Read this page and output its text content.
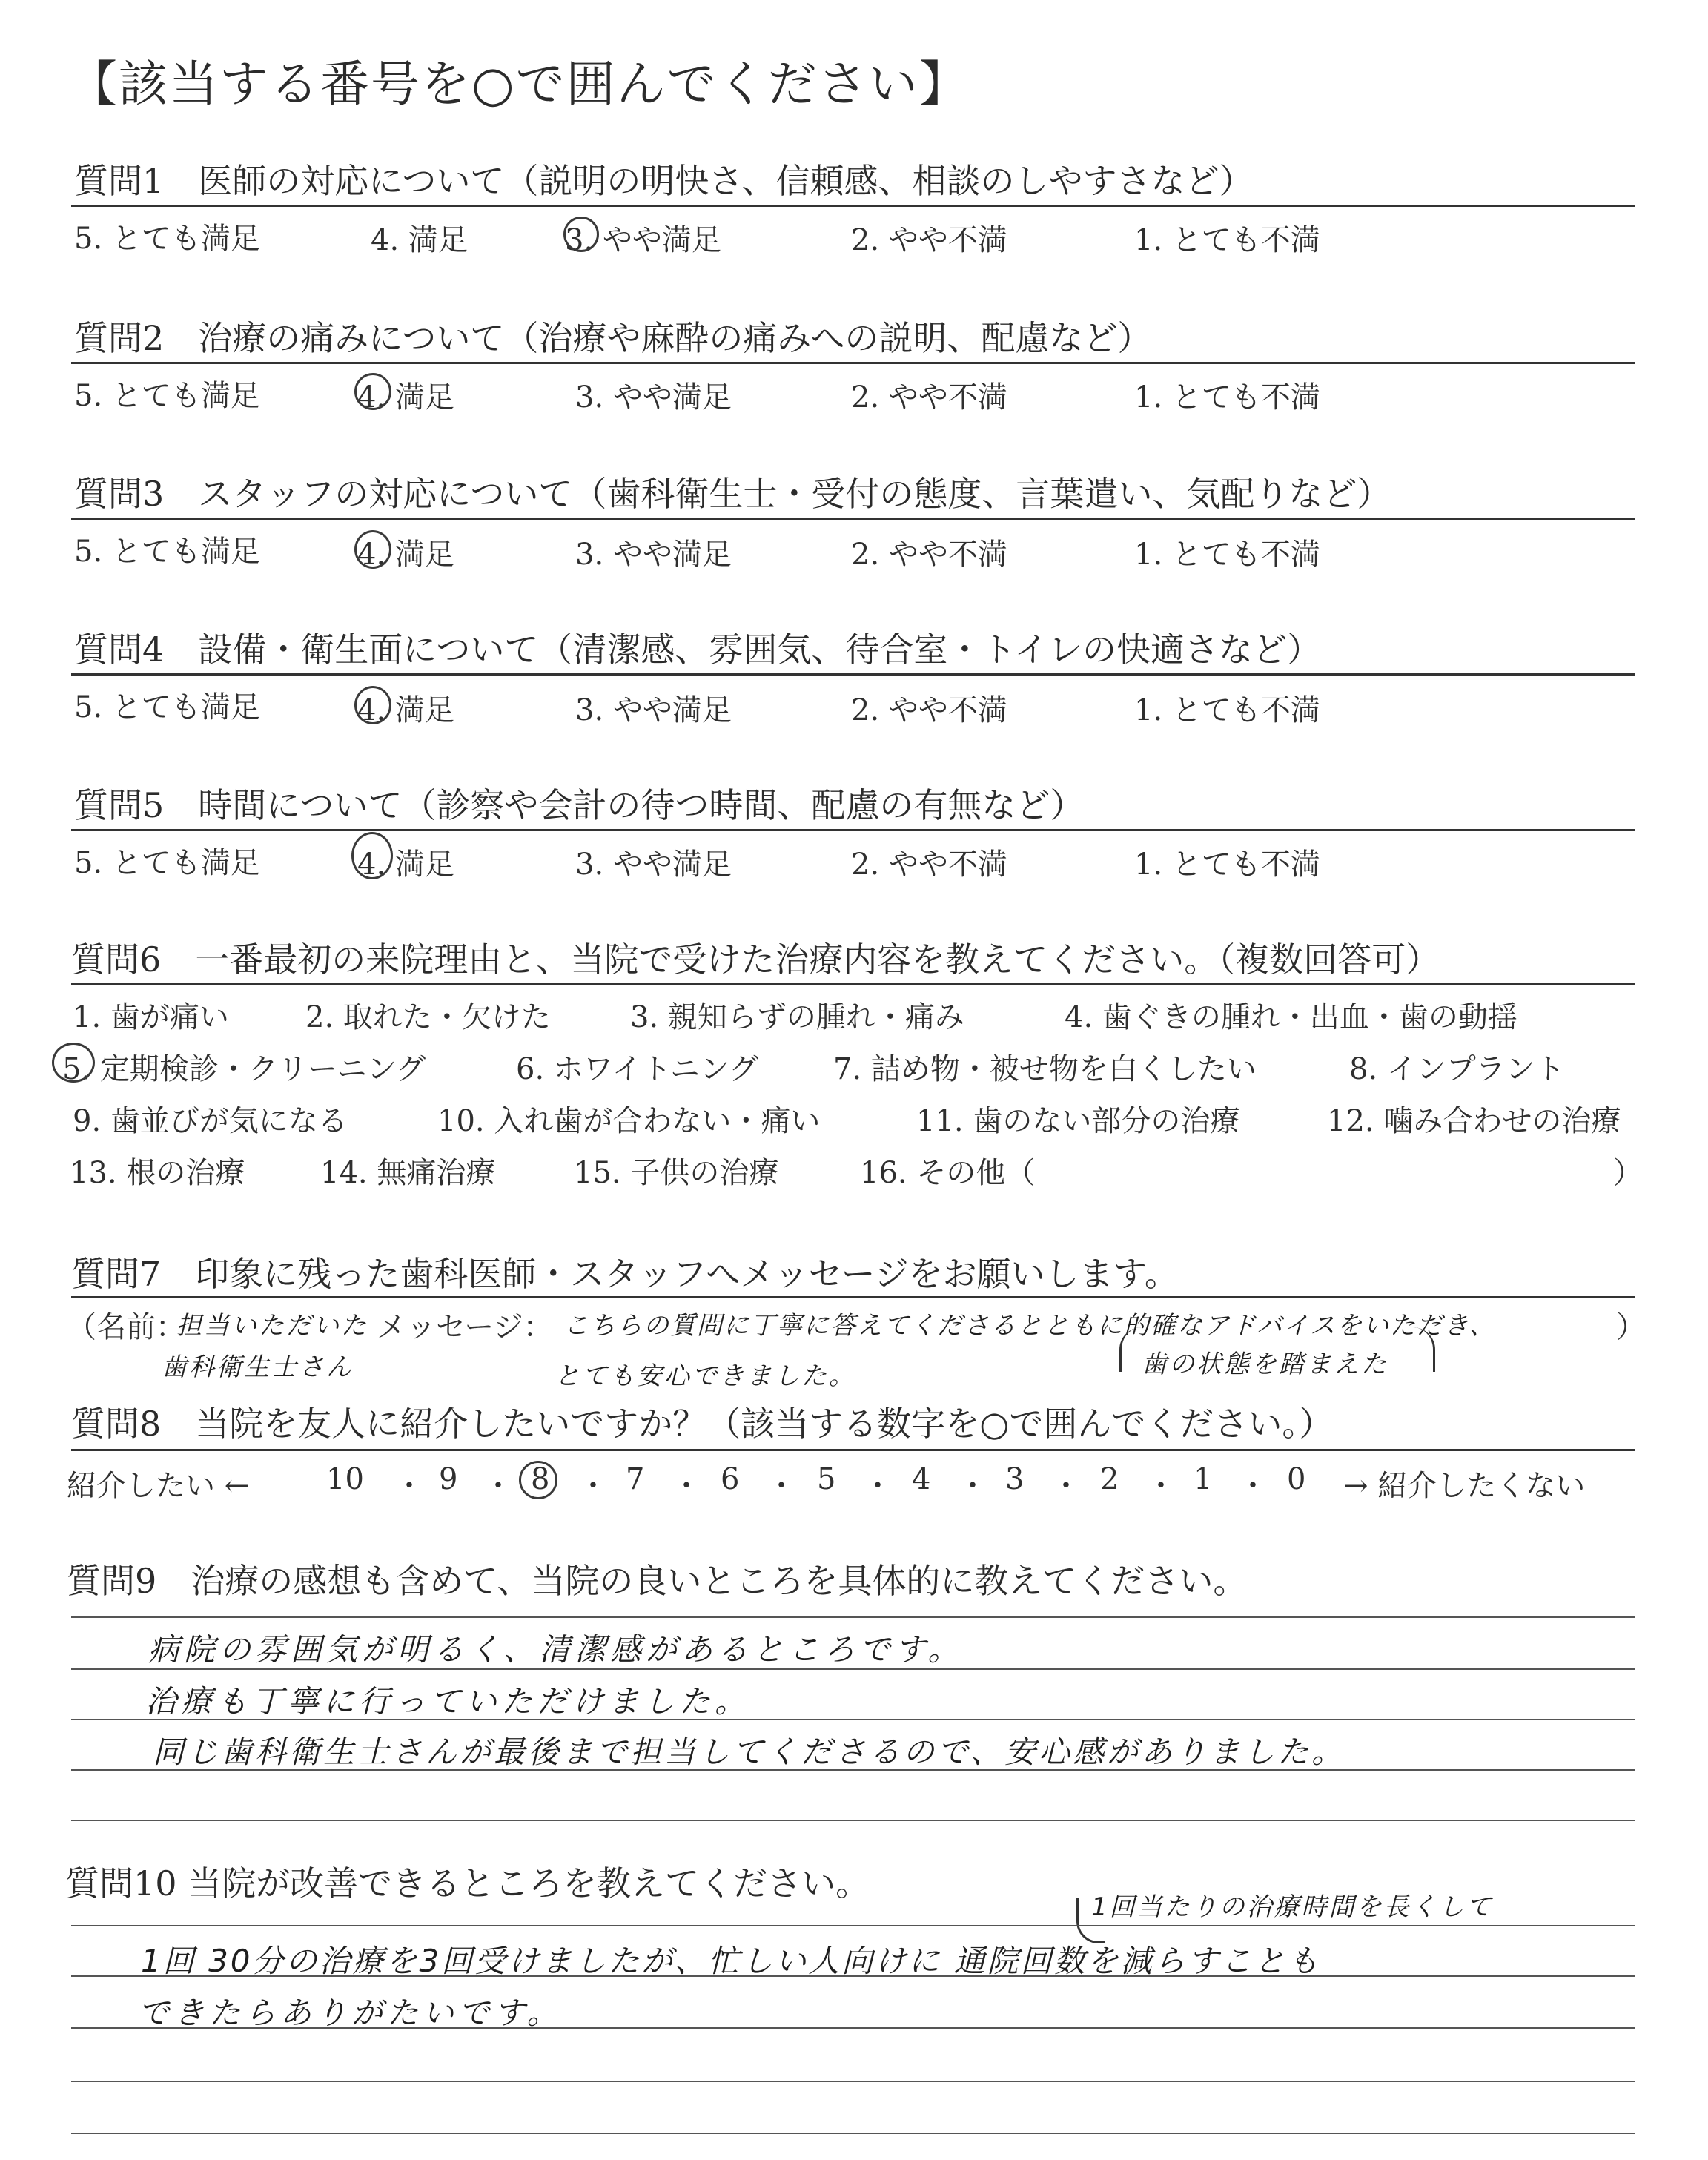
【該当する番号を○で囲んでください】
質問1　医師の対応について（説明の明快さ、信頼感、相談のしやすさなど）
5. とても満足	4. 満足	3. やや満足	2. やや不満	1. とても不満
質問2　治療の痛みについて（治療や麻酔の痛みへの説明、配慮など）
5. とても満足	4. 満足	3. やや満足	2. やや不満	1. とても不満
質問3　スタッフの対応について（歯科衛生士・受付の態度、言葉遣い、気配りなど）
5. とても満足	4. 満足	3. やや満足	2. やや不満	1. とても不満
質問4　設備・衛生面について（清潔感、雰囲気、待合室・トイレの快適さなど）
5. とても満足	4. 満足	3. やや満足	2. やや不満	1. とても不満
質問5　時間について（診察や会計の待つ時間、配慮の有無など）
5. とても満足	4. 満足	3. やや満足	2. やや不満	1. とても不満
質問6　一番最初の来院理由と、当院で受けた治療内容を教えてください。（複数回答可）
1. 歯が痛い	2. 取れた・欠けた	3. 親知らずの腫れ・痛み	4. 歯ぐきの腫れ・出血・歯の動揺
5. 定期検診・クリーニング	6. ホワイトニング	7. 詰め物・被せ物を白くしたい	8. インプラント
9. 歯並びが気になる	10. 入れ歯が合わない・痛い	11. 歯のない部分の治療	12. 噛み合わせの治療
13. 根の治療	14. 無痛治療	15. 子供の治療	16. その他（	）
質問7　印象に残った歯科医師・スタッフへメッセージをお願いします。
（名前：
担当いただいた メッセージ： こちらの質問に丁寧に答えてくださるとともに的確なアドバイスをいただき、	）
歯科衛生士さん	とても安心できました。	歯の状態を踏まえた
質問8　当院を友人に紹介したいですか？（該当する数字を○で囲んでください。）
紹介したい ←	10 ・ 9 ・ 8 ・ 7 ・ 6 ・ 5 ・ 4 ・ 3 ・ 2 ・ 1 ・ 0 → 紹介したくない
質問9　治療の感想も含めて、当院の良いところを具体的に教えてください。
病院の雰囲気が明るく、清潔感があるところです。
治療も丁寧に行っていただけました。
同じ歯科衛生士さんが最後まで担当してくださるので、安心感がありました。
質問10 当院が改善できるところを教えてください。
1回当たりの治療時間を長くして
1回 30分の治療を3回受けましたが、忙しい人向けに 通院回数を減らすことも
できたらありがたいです。
